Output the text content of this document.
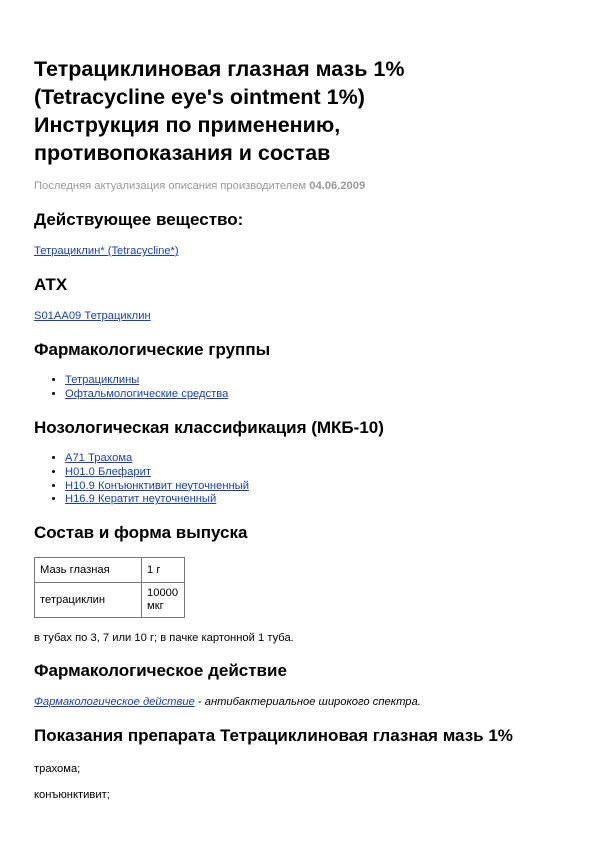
Тетрациклиновая глазная мазь 1%
(Tetracycline eye's ointment 1%)
Инструкция по применению,
противопоказания и состав
Последняя актуализация описания производителем 04.06.2009
Действующее вещество:
Тетрациклин* (Tetracycline*)
АТХ
S01AA09 Тетрациклин
Фармакологические группы
• Тетрациклины
• Офтальмологические средства
Нозологическая классификация (МКБ-10)
• A71 Трахома
• H01.0 Блефарит
• H10.9 Конъюнктивит неуточненный
• H16.9 Кератит неуточненный
Состав и форма выпуска
Мазь глазная	1 г
тетрациклин	10000 мкг
в тубах по 3, 7 или 10 г; в пачке картонной 1 туба.
Фармакологическое действие
Фармакологическое действие - антибактериальное широкого спектра.
Показания препарата Тетрациклиновая глазная мазь 1%
трахома;
конъюнктивит;
